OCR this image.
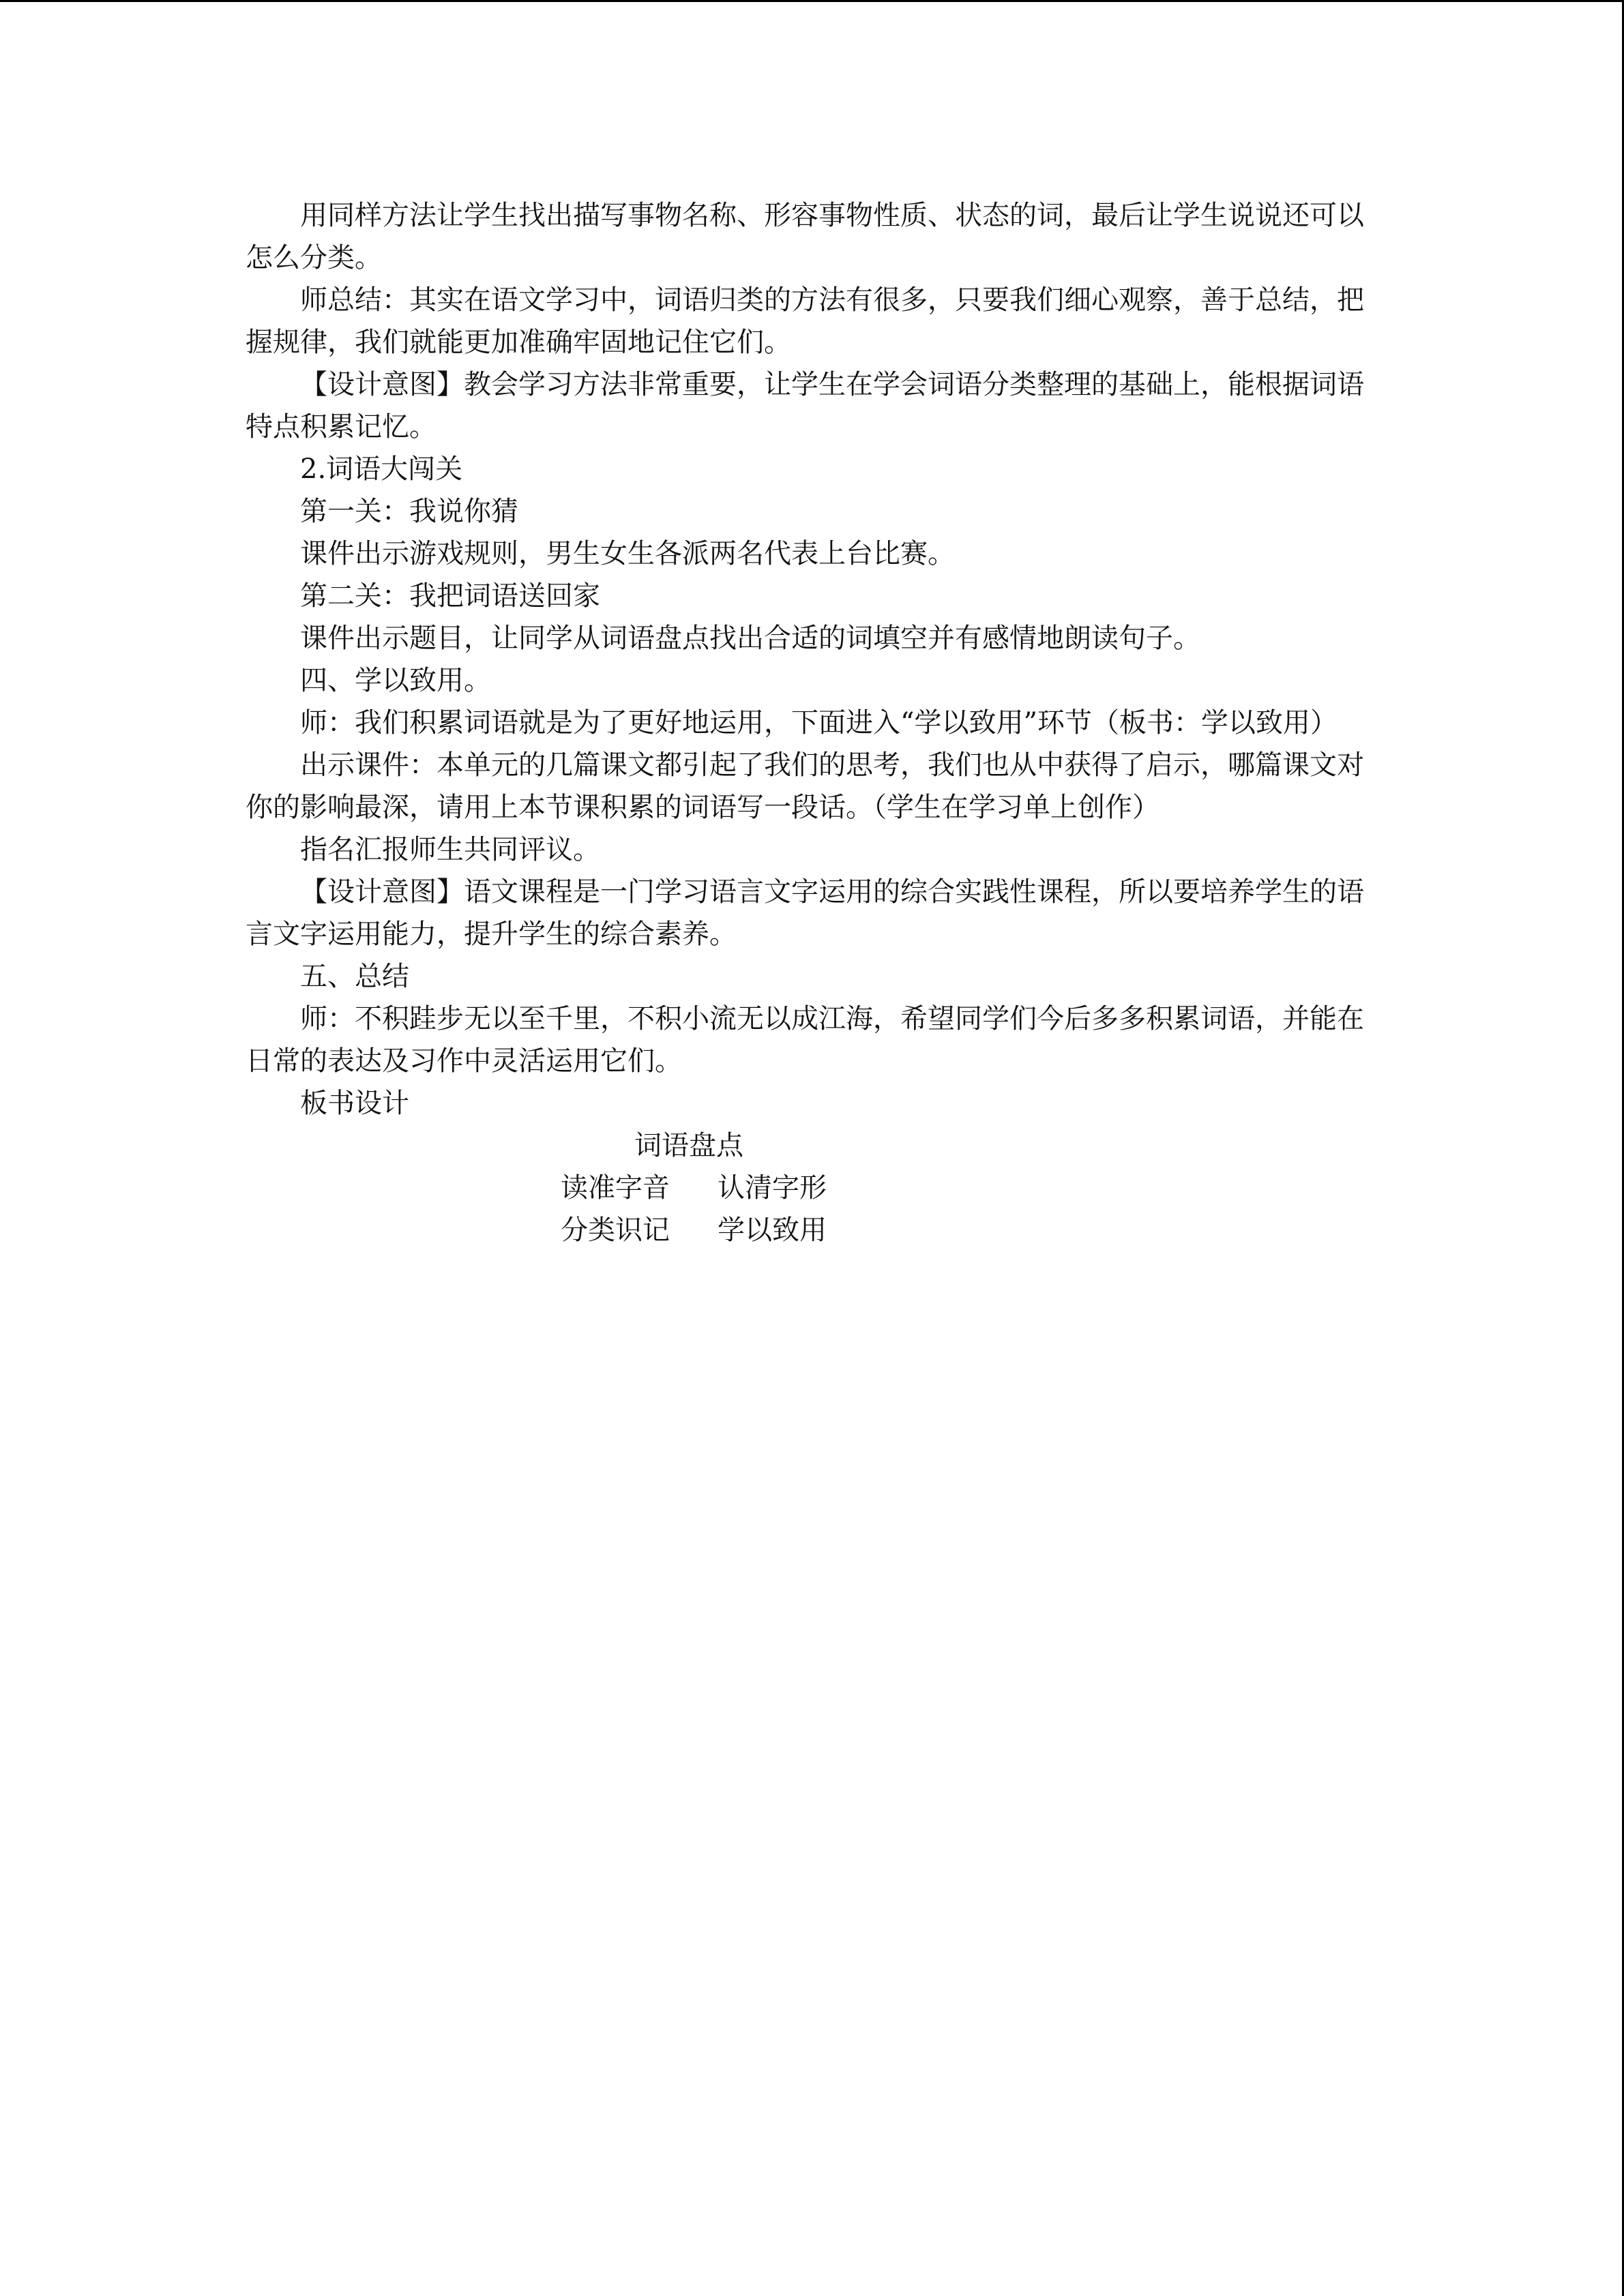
用同样方法让学生找出描写事物名称、形容事物性质、状态的词，最后让学生说说还可以怎么分类。

师总结：其实在语文学习中，词语归类的方法有很多，只要我们细心观察，善于总结，把握规律，我们就能更加准确牢固地记住它们。

【设计意图】教会学习方法非常重要，让学生在学会词语分类整理的基础上，能根据词语特点积累记忆。

2.词语大闯关

第一关：我说你猜

课件出示游戏规则，男生女生各派两名代表上台比赛。

第二关：我把词语送回家

课件出示题目，让同学从词语盘点找出合适的词填空并有感情地朗读句子。

四、学以致用。

师：我们积累词语就是为了更好地运用，下面进入“学以致用”环节（板书：学以致用）

出示课件：本单元的几篇课文都引起了我们的思考，我们也从中获得了启示，哪篇课文对你的影响最深，请用上本节课积累的词语写一段话。（学生在学习单上创作）

指名汇报师生共同评议。

【设计意图】语文课程是一门学习语言文字运用的综合实践性课程，所以要培养学生的语言文字运用能力，提升学生的综合素养。

五、总结

师：不积跬步无以至千里，不积小流无以成江海，希望同学们今后多多积累词语，并能在日常的表达及习作中灵活运用它们。

板书设计

词语盘点

读准字音	认清字形

分类识记	学以致用
